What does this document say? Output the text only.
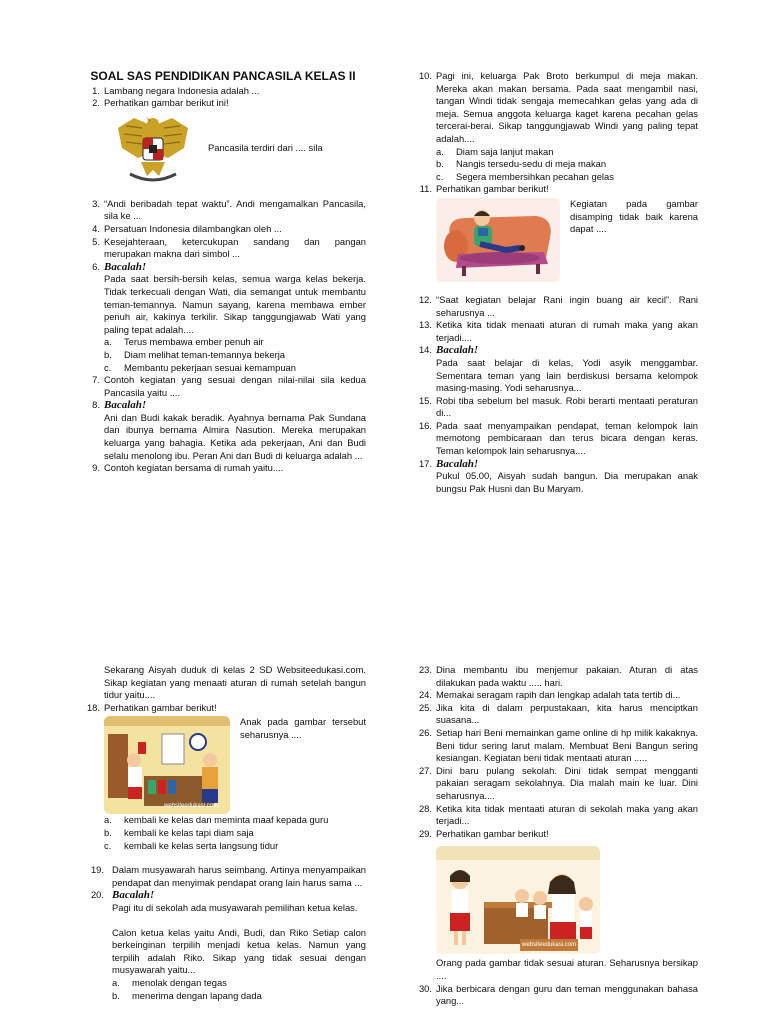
SOAL SAS PENDIDIKAN PANCASILA KELAS II
1. Lambang negara Indonesia adalah ...
2. Perhatikan gambar berikut ini!
Pancasila terdiri dari .... sila
3. “Andi beribadah tepat waktu”. Andi mengamalkan Pancasila, sila ke ...
4. Persatuan Indonesia dilambangkan oleh ...
5. Kesejahteraan, ketercukupan sandang dan pangan merupakan makna dari simbol ...
6. Bacalah!
Pada saat bersih-bersih kelas, semua warga kelas bekerja. Tidak terkecuali dengan Wati, dia semangat untuk membantu teman-temannya. Namun sayang, karena membawa ember penuh air, kakinya terkilir. Sikap tanggungjawab Wati yang paling tepat adalah....
a. Terus membawa ember penuh air
b. Diam melihat teman-temannya bekerja
c. Membantu pekerjaan sesuai kemampuan
7. Contoh kegiatan yang sesuai dengan nilai-nilai sila kedua Pancasila yaitu ....
8. Bacalah!
Ani dan Budi kakak beradik. Ayahnya bernama Pak Sundana dan ibunya bernama Almira Nasution. Mereka merupakan keluarga yang bahagia. Ketika ada pekerjaan, Ani dan Budi selalu menolong ibu. Peran Ani dan Budi di keluarga adalah ...
9. Contoh kegiatan bersama di rumah yaitu....
10. Pagi ini, keluarga Pak Broto berkumpul di meja makan. Mereka akan makan bersama. Pada saat mengambil nasi, tangan Windi tidak sengaja memecahkan gelas yang ada di meja. Semua anggota keluarga kaget karena pecahan gelas tercerai-berai. Sikap tanggungjawab Windi yang paling tepat adalah....
a. Diam saja lanjut makan
b. Nangis tersedu-sedu di meja makan
c. Segera membersihkan pecahan gelas
11. Perhatikan gambar berikut!
Kegiatan pada gambar disamping tidak baik karena dapat ....
12. “Saat kegiatan belajar Rani ingin buang air kecil”. Rani seharusnya ...
13. Ketika kita tidak menaati aturan di rumah maka yang akan terjadi....
14. Bacalah!
Pada saat belajar di kelas, Yodi asyik menggambar. Sementara teman yang lain berdiskusi bersama kelompok masing-masing. Yodi seharusnya...
15. Robi tiba sebelum bel masuk. Robi berarti mentaati peraturan di...
16. Pada saat menyampaikan pendapat, teman kelompok lain memotong pembicaraan dan terus bicara dengan keras. Teman kelompok lain seharusnya....
17. Bacalah!
Pukul 05.00, Aisyah sudah bangun. Dia merupakan anak bungsu Pak Husni dan Bu Maryam.
Sekarang Aisyah duduk di kelas 2 SD Websiteedukasi.com. Sikap kegiatan yang menaati aturan di rumah setelah bangun tidur yaitu....
18. Perhatikan gambar berikut!
websiteedukasi.com
Anak pada gambar tersebut seharusnya ....
a. kembali ke kelas dan meminta maaf kepada guru
b. kembali ke kelas tapi diam saja
c. kembali ke kelas serta langsung tidur
19. Dalam musyawarah harus seimbang. Artinya menyampaikan pendapat dan menyimak pendapat orang lain harus sama ...
20. Bacalah!
Pagi itu di sekolah ada musyawarah pemilihan ketua kelas.
Calon ketua kelas yaitu Andi, Budi, dan Riko Setiap calon berkeinginan terpilih menjadi ketua kelas. Namun yang terpilih adalah Riko. Sikap yang tidak sesuai dengan musyawarah yaitu...
a. menolak dengan tegas
b. menerima dengan lapang dada
23. Dina membantu ibu menjemur pakaian. Aturan di atas dilakukan pada waktu ..... hari.
24. Memakai seragam rapih dan lengkap adalah tata tertib di...
25. Jika kita di dalam perpustakaan, kita harus menciptkan suasana...
26. Setiap hari Beni memainkan game online di hp milik kakaknya. Beni tidur sering larut malam. Membuat Beni Bangun sering kesiangan. Kegiatan beni tidak mentaati aturan .....
27. Dini baru pulang sekolah. Dini tidak sempat mengganti pakaian seragam sekolahnya. Dia malah main ke luar. Dini seharusnya....
28. Ketika kita tidak mentaati aturan di sekolah maka yang akan terjadi...
29. Perhatikan gambar berikut!
websiteedukasi.com
Orang pada gambar tidak sesuai aturan. Seharusnya bersikap ....
30. Jika berbicara dengan guru dan teman menggunakan bahasa yang...
